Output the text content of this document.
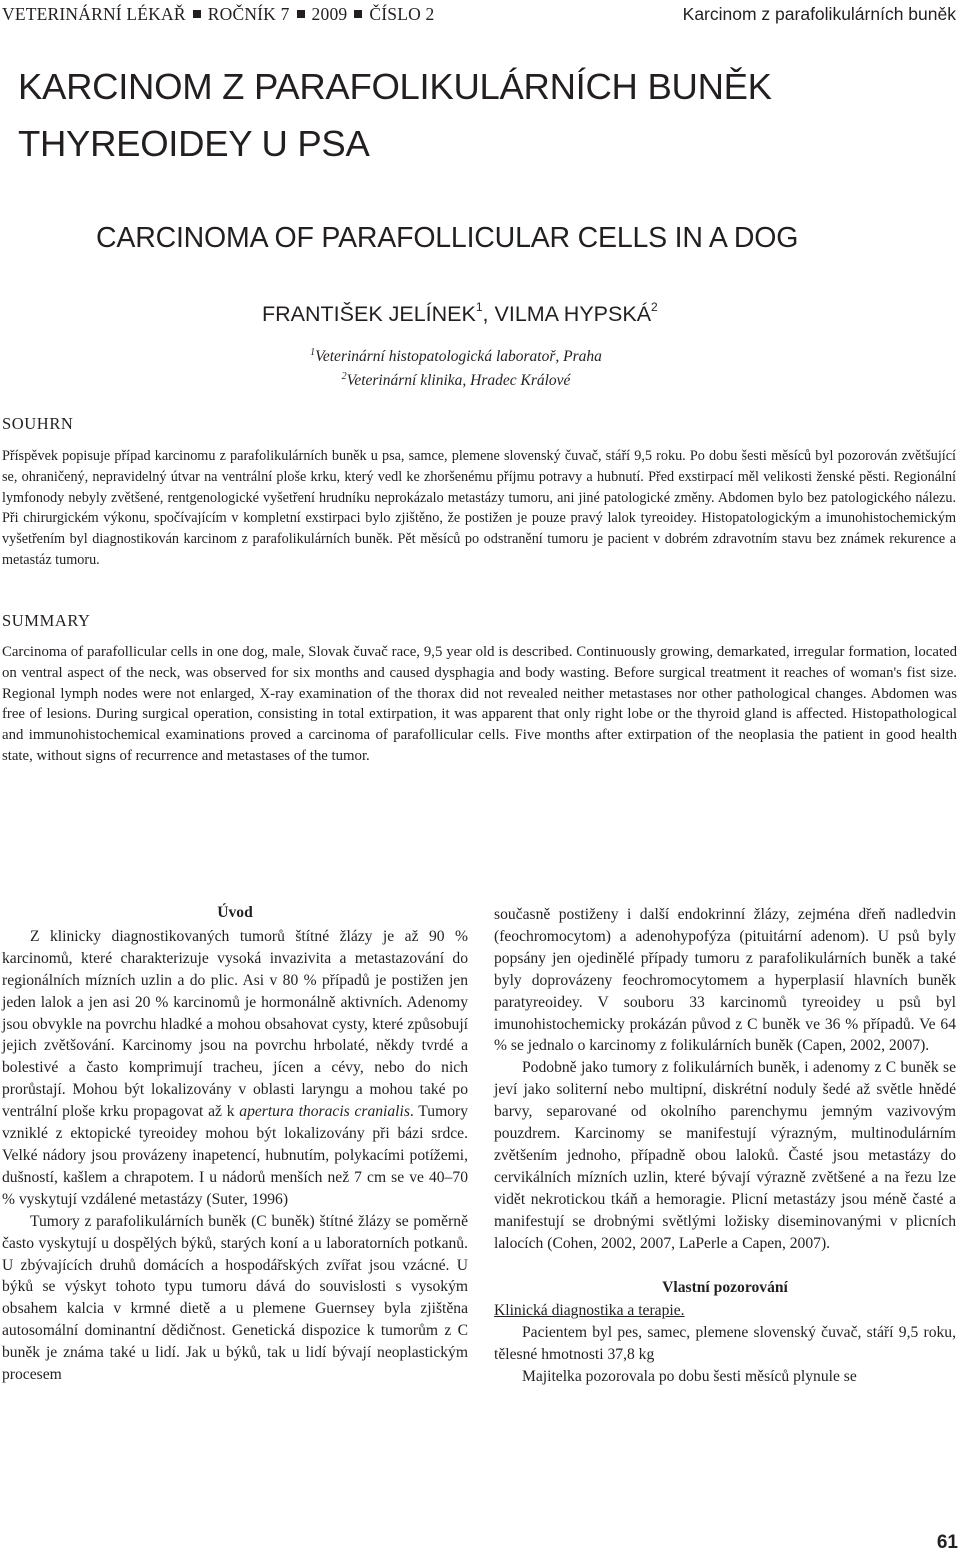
VETERINÁRNÍ LÉKAŘ ROČNÍK 7 2009 ČÍSLO 2	Karcinom z parafolikulárních buněk
KARCINOM Z PARAFOLIKULÁRNÍCH BUNĚK
THYREOIDEY U PSA
CARCINOMA OF PARAFOLLICULAR CELLS IN A DOG
FRANTIŠEK JELÍNEK$^1$, VILMA HYPSKÁ$^2$
$^1$Veterinární histopatologická laboratoř, Praha
$^2$Veterinární klinika, Hradec Králové
SOUHRN
Příspěvek popisuje případ karcinomu z parafolikulárních buněk u psa, samce, plemene slovenský čuvač, stáří 9,5 roku. Po dobu šesti měsíců byl pozorován zvětšující se, ohraničený, nepravidelný útvar na ventrální ploše krku, který vedl ke zhoršenému příjmu potravy a hubnutí. Před exstirpací měl velikosti ženské pěsti. Regionální lymfonody nebyly zvětšené, rentgenologické vyšetření hrudníku neprokázalo metastázy tumoru, ani jiné patologické změny. Abdomen bylo bez patologického nálezu. Při chirurgickém výkonu, spočívajícím v kompletní exstirpaci bylo zjištěno, že postižen je pouze pravý lalok tyreoidey. Histopatologickým a imunohistochemickým vyšetřením byl diagnostikován karcinom z parafolikulárních buněk. Pět měsíců po odstranění tumoru je pacient v dobrém zdravotním stavu bez známek rekurence a metastáz tumoru.
SUMMARY
Carcinoma of parafollicular cells in one dog, male, Slovak čuvač race, 9,5 year old is described. Continuously growing, demarkated, irregular formation, located on ventral aspect of the neck, was observed for six months and caused dysphagia and body wasting. Before surgical treatment it reaches of woman's fist size. Regional lymph nodes were not enlarged, X-ray examination of the thorax did not revealed neither metastases nor other pathological changes. Abdomen was free of lesions. During surgical operation, consisting in total extirpation, it was apparent that only right lobe or the thyroid gland is affected. Histopathological and immunohistochemical examinations proved a carcinoma of parafollicular cells. Five months after extirpation of the neoplasia the patient in good health state, without signs of recurrence and metastases of the tumor.

Úvod

Z klinicky diagnostikovaných tumorů štítné žlázy je až 90 % karcinomů, které charakterizuje vysoká invazivita a metastazování do regionálních mízních uzlin a do plic. Asi v 80 % případů je postižen jen jeden lalok a jen asi 20 % karcinomů je hormonálně aktivních. Adenomy jsou obvykle na povrchu hladké a mohou obsahovat cysty, které způsobují jejich zvětšování. Karcinomy jsou na povrchu hrbolaté, někdy tvrdé a bolestivé a často komprimují tracheu, jícen a cévy, nebo do nich prorůstají. Mohou být lokalizovány v oblasti laryngu a mohou také po ventrální ploše krku propagovat až k apertura thoracis cranialis. Tumory vzniklé z ektopické tyreoidey mohou být lokalizovány při bázi srdce. Velké nádory jsou provázeny inapetencí, hubnutím, polykacími potížemi, dušností, kašlem a chrapotem. I u nádorů menších než 7 cm se ve 40–70 % vyskytují vzdálené metastázy (Suter, 1996)

Tumory z parafolikulárních buněk (C buněk) štítné žlázy se poměrně často vyskytují u dospělých býků, starých koní a u laboratorních potkanů. U zbývajících druhů domácích a hospodářských zvířat jsou vzácné. U býků se výskyt tohoto typu tumoru dává do souvislosti s vysokým obsahem kalcia v krmné dietě a u plemene Guernsey byla zjištěna autosomální dominantní dědičnost. Genetická dispozice k tumorům z C buněk je známa také u lidí. Jak u býků, tak u lidí bývají neoplastickým procesem

současně postiženy i další endokrinní žlázy, zejména dřeň nadledvin (feochromocytom) a adenohypofýza (pituitární adenom). U psů byly popsány jen ojedinělé případy tumoru z parafolikulárních buněk a také byly doprovázeny feochromocytomem a hyperplasií hlavních buněk paratyreoidey. V souboru 33 karcinomů tyreoidey u psů byl imunohistochemicky prokázán původ z C buněk ve 36 % případů. Ve 64 % se jednalo o karcinomy z folikulárních buněk (Capen, 2002, 2007).

Podobně jako tumory z folikulárních buněk, i adenomy z C buněk se jeví jako soliterní nebo multipní, diskrétní noduly šedé až světle hnědé barvy, separované od okolního parenchymu jemným vazivovým pouzdrem. Karcinomy se manifestují výrazným, multinodulárním zvětšením jednoho, případně obou laloků. Časté jsou metastázy do cervikálních mízních uzlin, které bývají výrazně zvětšené a na řezu lze vidět nekrotickou tkáň a hemoragie. Plicní metastázy jsou méně časté a manifestují se drobnými světlými ložisky diseminovanými v plicních lalocích (Cohen, 2002, 2007, LaPerle a Capen, 2007).

Vlastní pozorování

Klinická diagnostika a terapie.

Pacientem byl pes, samec, plemene slovenský čuvač, stáří 9,5 roku, tělesné hmotnosti 37,8 kg

Majitelka pozorovala po dobu šesti měsíců plynule se

61
